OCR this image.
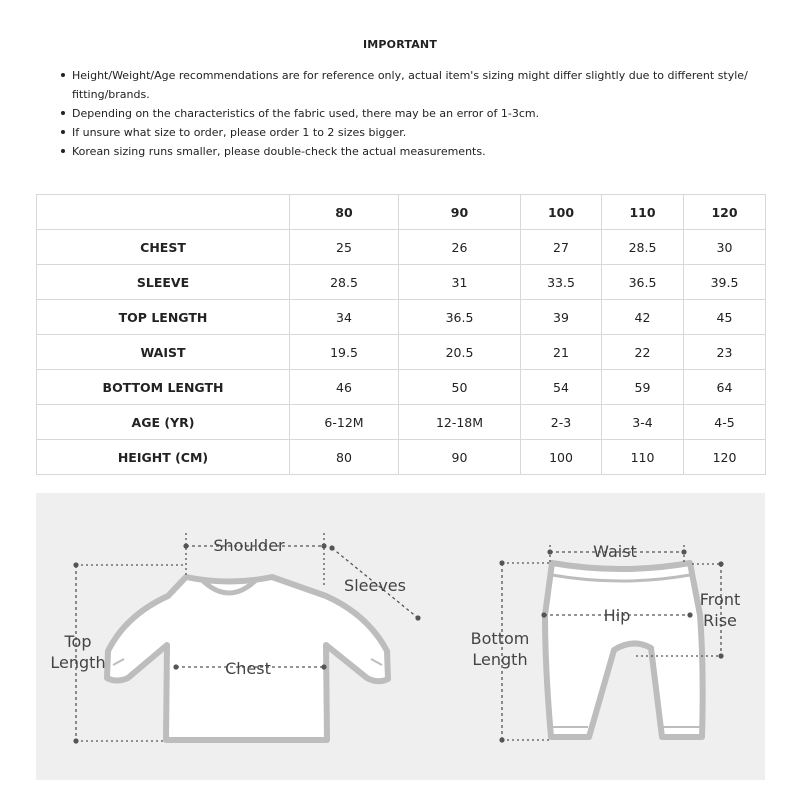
IMPORTANT
Height/Weight/Age recommendations are for reference only, actual item's sizing might differ slightly due to different style/
fitting/brands.
Depending on the characteristics of the fabric used, there may be an error of 1-3cm.
If unsure what size to order, please order 1 to 2 sizes bigger.
Korean sizing runs smaller, please double-check the actual measurements.
	80	90	100	110	120
CHEST	25	26	27	28.5	30
SLEEVE	28.5	31	33.5	36.5	39.5
TOP LENGTH	34	36.5	39	42	45
WAIST	19.5	20.5	21	22	23
BOTTOM LENGTH	46	50	54	59	64
AGE (YR)	6-12M	12-18M	2-3	3-4	4-5
HEIGHT (CM)	80	90	100	110	120
Shoulder
Sleeves
Top
Length	Chest
Waist
Hip
Front
Rise
Bottom
Length
